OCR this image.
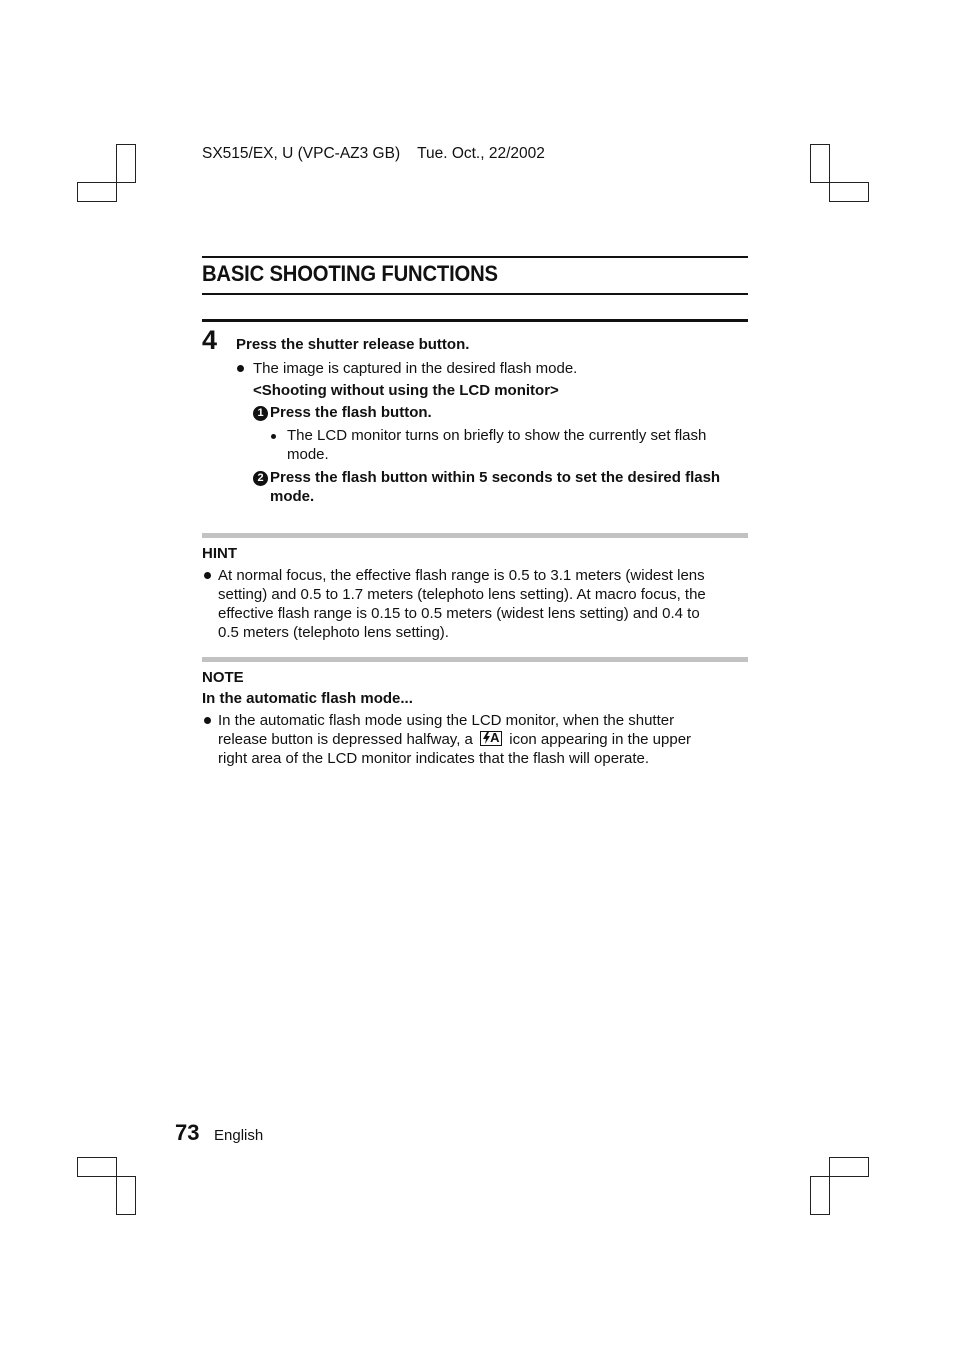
SX515/EX, U (VPC-AZ3 GB) Tue. Oct., 22/2002
BASIC SHOOTING FUNCTIONS
4 Press the shutter release button.
The image is captured in the desired flash mode.
<Shooting without using the LCD monitor>
1 Press the flash button.
The LCD monitor turns on briefly to show the currently set flash
mode.
2 Press the flash button within 5 seconds to set the desired flash
mode.
HINT
At normal focus, the effective flash range is 0.5 to 3.1 meters (widest lens
setting) and 0.5 to 1.7 meters (telephoto lens setting). At macro focus, the
effective flash range is 0.15 to 0.5 meters (widest lens setting) and 0.4 to
0.5 meters (telephoto lens setting).
NOTE
In the automatic flash mode...
In the automatic flash mode using the LCD monitor, when the shutter
release button is depressed halfway, a A icon appearing in the upper
right area of the LCD monitor indicates that the flash will operate.
73 English
